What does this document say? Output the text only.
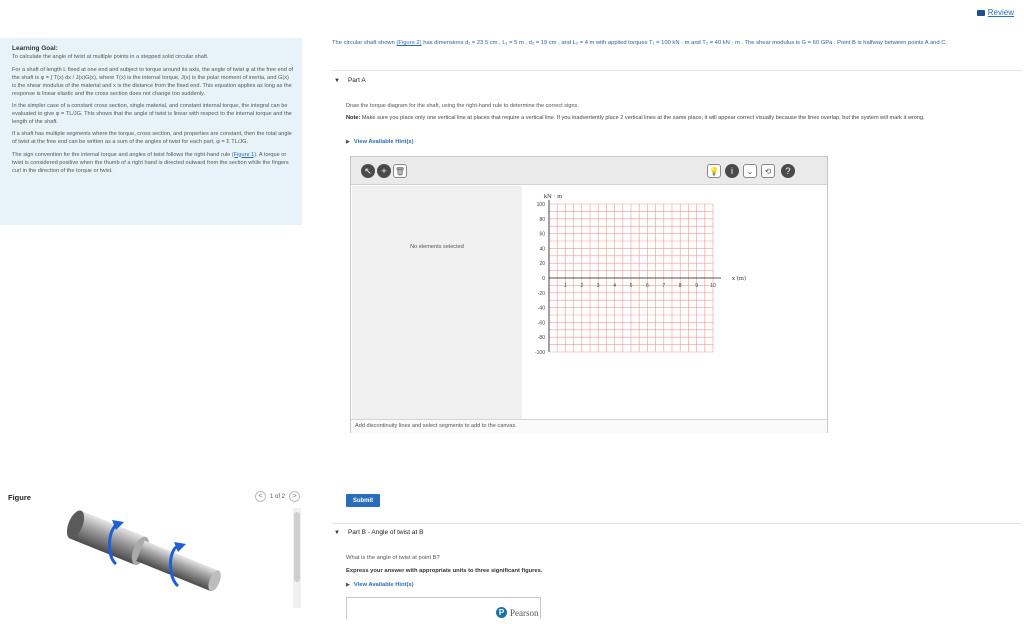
Review
Learning Goal:

To calculate the angle of twist at multiple points in a stepped solid circular shaft.

For a shaft of length L fixed at one end and subject to torque around its axis, the angle of twist φ at the free end of the shaft is φ = ∫ T(x) dx / J(x)G(x), where T(x) is the internal torque, J(x) is the polar moment of inertia, and G(x) is the shear modulus of the material and x is the distance from the fixed end. This equation applies as long as the response is linear elastic and the cross section does not change too suddenly.

In the simpler case of a constant cross section, single material, and constant internal torque, the integral can be evaluated to give φ = TL/JG. This shows that the angle of twist is linear with respect to the internal torque and the length of the shaft.

If a shaft has multiple segments where the torque, cross section, and properties are constant, then the total angle of twist at the free end can be written as a sum of the angles of twist for each part, φ = Σ TL/JG.

The sign convention for the internal torque and angles of twist follows the right-hand rule (Figure 1). A torque or twist is considered positive when the thumb of a right hand is directed outward from the section while the fingers curl in the direction of the torque or twist.

Figure	<	1 of 2	>
The circular shaft shown (Figure 2) has dimensions d₁ = 23.5 cm , L₁ = 5 m , d₂ = 19 cm , and L₂ = 4 m with applied torques T₁ = 100 kN · m and T₂ = 40 kN · m . The shear modulus is G = 60 GPa . Point B is halfway between points A and C.
▼ Part A
Draw the torque diagram for the shaft, using the right-hand rule to determine the correct signs.
Note: Make sure you place only one vertical line at places that require a vertical line. If you inadvertently place 2 vertical lines at the same place, it will appear correct visually because the lines overlap, but the system will mark it wrong.
▶ View Available Hint(s)
↖	+	🗑	💡	i	⌄	⟲	?
No elements selected
100
80
60
40
20
0
-20
-40
-60
-80
-100
1	2	3	4	5	6	7	8	9 10
kN · m
x (m)
Add discontinuity lines and select segments to add to the canvas.
Submit
▼ Part B - Angle of twist at B
What is the angle of twist at point B?
Express your answer with appropriate units to three significant figures.
▶ View Available Hint(s)
P Pearson
